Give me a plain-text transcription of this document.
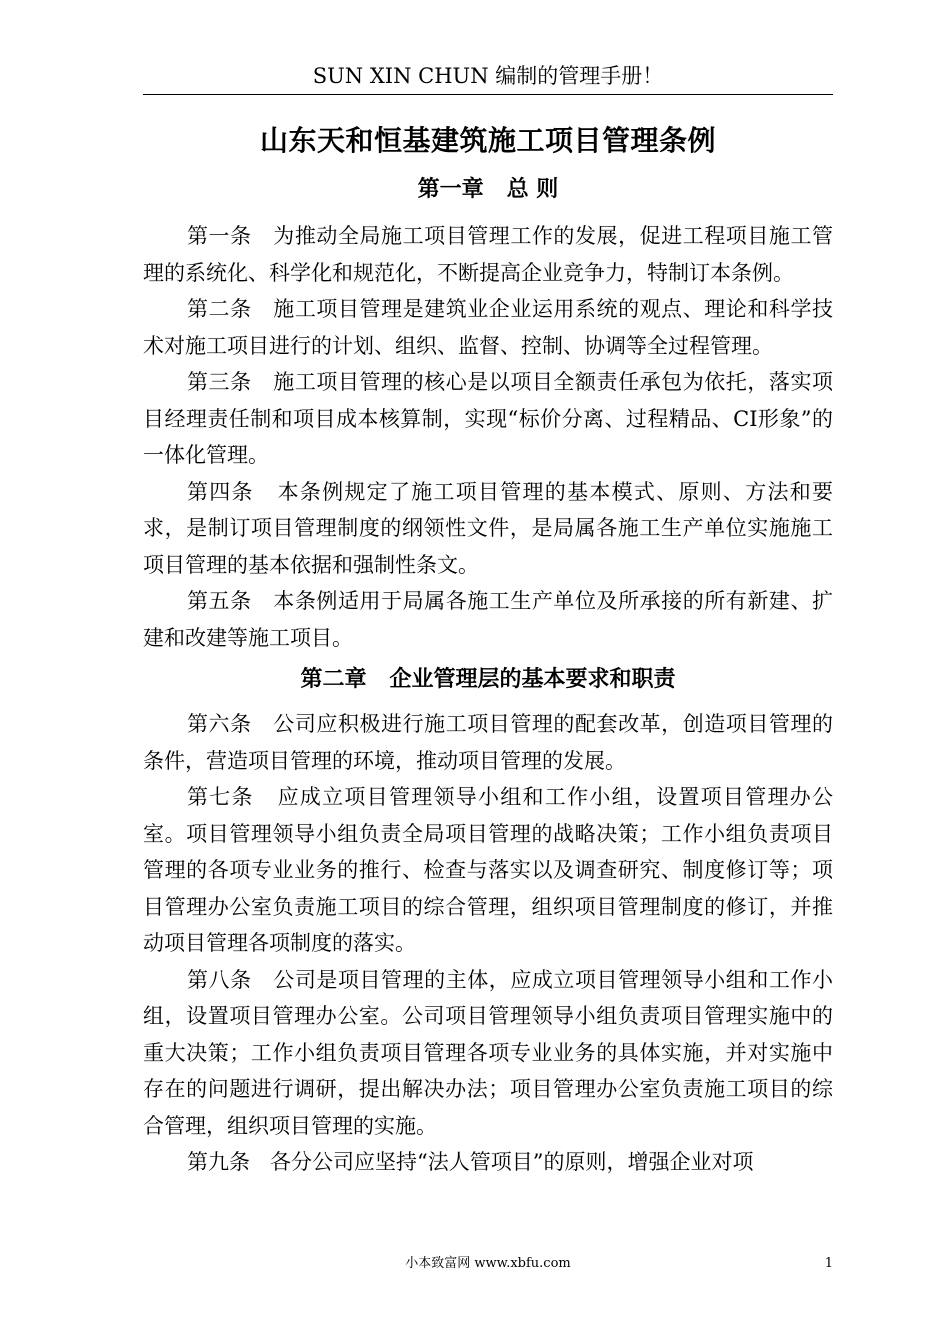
SUN XIN CHUN 编制的管理手册！
山东天和恒基建筑施工项目管理条例
第一章   总 则

第一条   为推动全局施工项目管理工作的发展，促进工程项目施工管理的系统化、科学化和规范化，不断提高企业竞争力，特制订本条例。

第二条   施工项目管理是建筑业企业运用系统的观点、理论和科学技术对施工项目进行的计划、组织、监督、控制、协调等全过程管理。

第三条   施工项目管理的核心是以项目全额责任承包为依托，落实项目经理责任制和项目成本核算制，实现“标价分离、过程精品、CI形象”的一体化管理。

第四条   本条例规定了施工项目管理的基本模式、原则、方法和要求，是制订项目管理制度的纲领性文件，是局属各施工生产单位实施施工项目管理的基本依据和强制性条文。

第五条   本条例适用于局属各施工生产单位及所承接的所有新建、扩建和改建等施工项目。

第二章   企业管理层的基本要求和职责

第六条   公司应积极进行施工项目管理的配套改革，创造项目管理的条件，营造项目管理的环境，推动项目管理的发展。

第七条   应成立项目管理领导小组和工作小组，设置项目管理办公室。项目管理领导小组负责全局项目管理的战略决策；工作小组负责项目管理的各项专业业务的推行、检查与落实以及调查研究、制度修订等；项目管理办公室负责施工项目的综合管理，组织项目管理制度的修订，并推动项目管理各项制度的落实。

第八条   公司是项目管理的主体，应成立项目管理领导小组和工作小组，设置项目管理办公室。公司项目管理领导小组负责项目管理实施中的重大决策；工作小组负责项目管理各项专业业务的具体实施，并对实施中存在的问题进行调研，提出解决办法；项目管理办公室负责施工项目的综合管理，组织项目管理的实施。

第九条   各分公司应坚持“法人管项目”的原则，增强企业对项

小本致富网 www.xbfu.com	1
